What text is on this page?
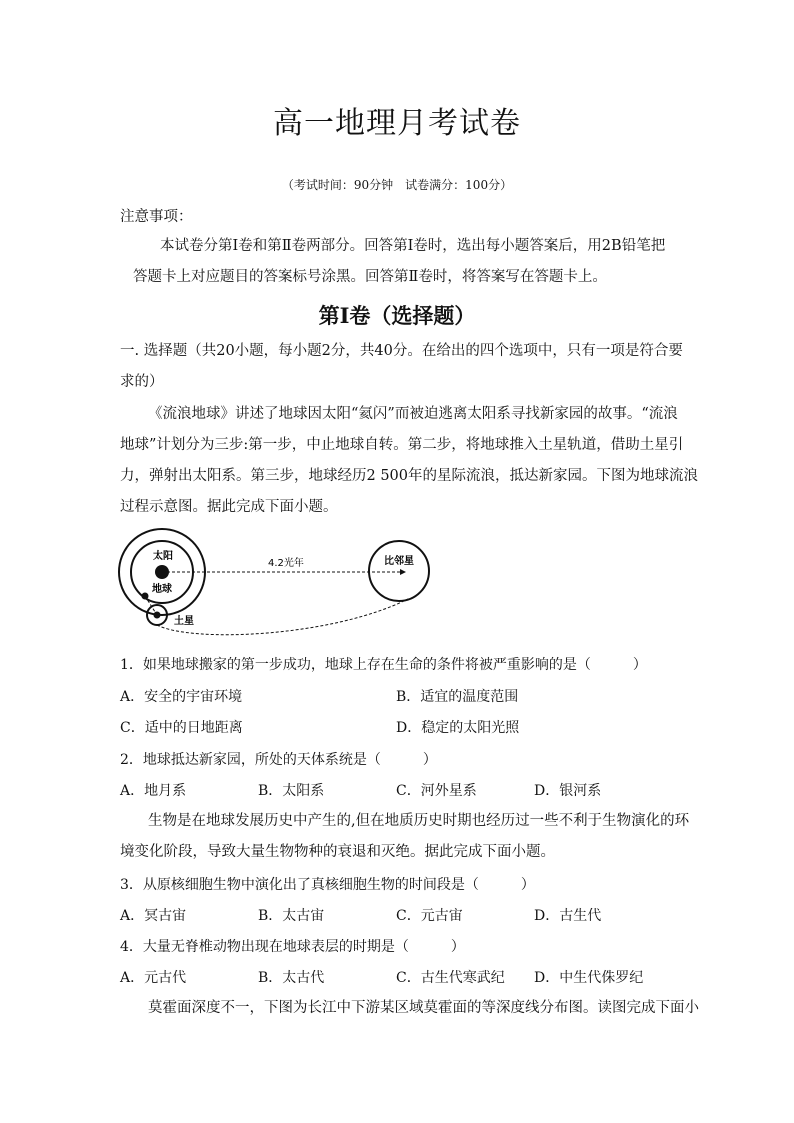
高一地理月考试卷
（考试时间：90分钟　试卷满分：100分）
注意事项：
本试卷分第Ⅰ卷和第Ⅱ卷两部分。回答第Ⅰ卷时，选出每小题答案后，用2B铅笔把
答题卡上对应题目的答案标号涂黑。回答第Ⅱ卷时，将答案写在答题卡上。
第Ⅰ卷（选择题）
一. 选择题（共20小题，每小题2分，共40分。在给出的四个选项中，只有一项是符合要
求的）
《流浪地球》讲述了地球因太阳“氦闪”而被迫逃离太阳系寻找新家园的故事。“流浪
地球”计划分为三步:第一步，中止地球自转。第二步，将地球推入土星轨道，借助土星引
力，弹射出太阳系。第三步，地球经历2 500年的星际流浪，抵达新家园。下图为地球流浪
过程示意图。据此完成下面小题。
太阳
地球
土星
比邻星
4.2光年
1．如果地球搬家的第一步成功，地球上存在生命的条件将被严重影响的是（　　　）
A．安全的宇宙环境	B．适宜的温度范围
C．适中的日地距离	D．稳定的太阳光照
2．地球抵达新家园，所处的天体系统是（　　　）
A．地月系	B．太阳系	C．河外星系	D．银河系
生物是在地球发展历史中产生的,但在地质历史时期也经历过一些不利于生物演化的环
境变化阶段，导致大量生物物种的衰退和灭绝。据此完成下面小题。
3．从原核细胞生物中演化出了真核细胞生物的时间段是（　　　）
A．冥古宙	B．太古宙	C．元古宙	D．古生代
4．大量无脊椎动物出现在地球表层的时期是（　　　）
A．元古代	B．太古代	C．古生代寒武纪 D．中生代侏罗纪
莫霍面深度不一，下图为长江中下游某区域莫霍面的等深度线分布图。读图完成下面小
